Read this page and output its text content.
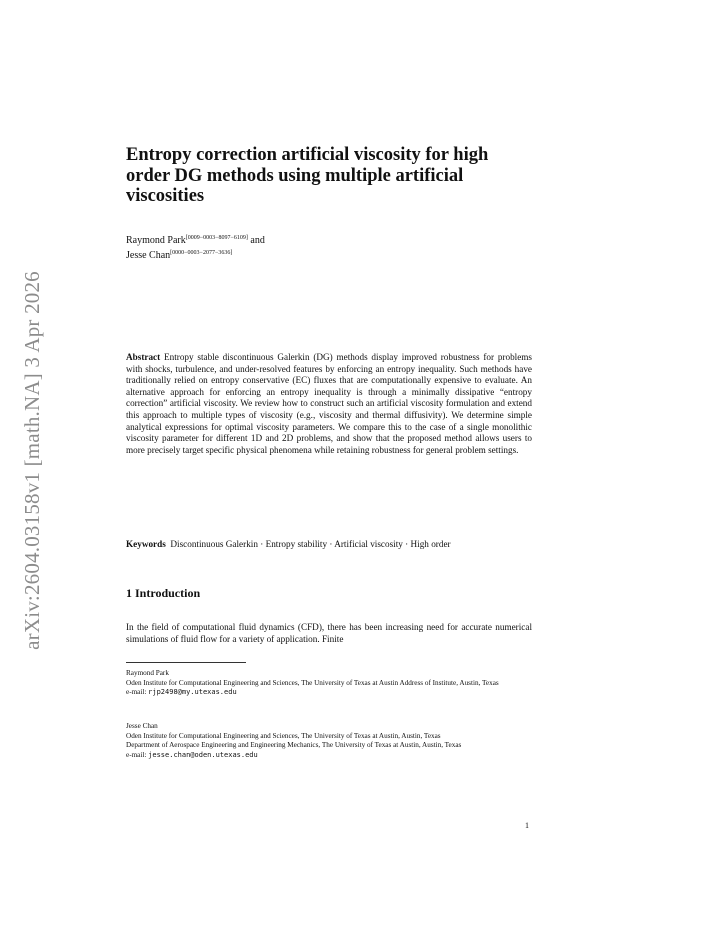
arXiv:2604.03158v1 [math.NA] 3 Apr 2026
Entropy correction artificial viscosity for high order DG methods using multiple artificial viscosities
Raymond Park[0009−0003−8097−6109] and
Jesse Chan[0000−0003−2077−3636]

Abstract Entropy stable discontinuous Galerkin (DG) methods display improved robustness for problems with shocks, turbulence, and under-resolved features by enforcing an entropy inequality. Such methods have traditionally relied on entropy conservative (EC) fluxes that are computationally expensive to evaluate. An alternative approach for enforcing an entropy inequality is through a minimally dissipative “entropy correction” artificial viscosity. We review how to construct such an artificial viscosity formulation and extend this approach to multiple types of viscosity (e.g., viscosity and thermal diffusivity). We determine simple analytical expressions for optimal viscosity parameters. We compare this to the case of a single monolithic viscosity parameter for different 1D and 2D problems, and show that the proposed method allows users to more precisely target specific physical phenomena while retaining robustness for general problem settings.

Keywords Discontinuous Galerkin · Entropy stability · Artificial viscosity · High order
1 Introduction

In the field of computational fluid dynamics (CFD), there has been increasing need for accurate numerical simulations of fluid flow for a variety of application. Finite

Raymond Park
Oden Institute for Computational Engineering and Sciences, The University of Texas at Austin Address of Institute, Austin, Texas
e-mail: rjp2498@my.utexas.edu
Jesse Chan
Oden Institute for Computational Engineering and Sciences, The University of Texas at Austin, Austin, Texas
Department of Aerospace Engineering and Engineering Mechanics, The University of Texas at Austin, Austin, Texas
e-mail: jesse.chan@oden.utexas.edu
1
